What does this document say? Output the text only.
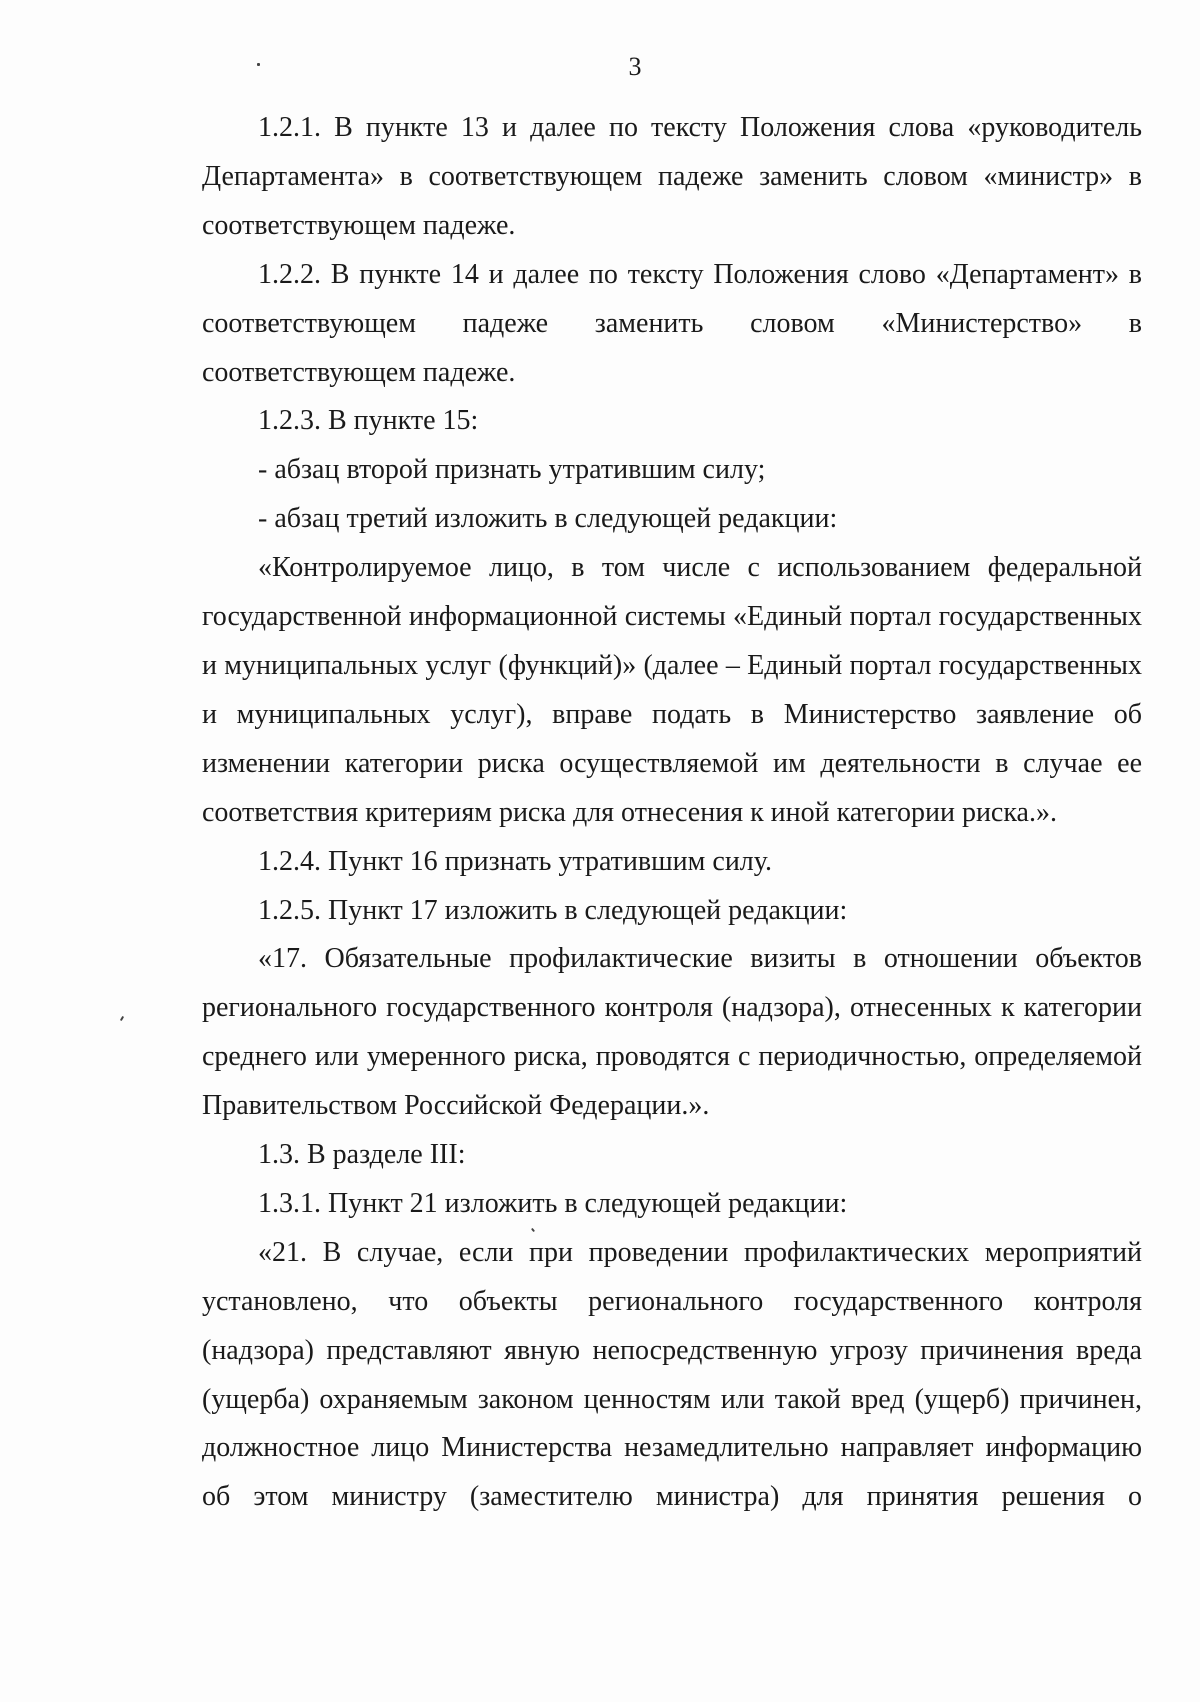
3

1.2.1. В пункте 13 и далее по тексту Положения слова «руководитель Департамента» в соответствующем падеже заменить словом «министр» в соответствующем падеже.

1.2.2. В пункте 14 и далее по тексту Положения слово «Департамент» в соответствующем падеже заменить словом «Министерство» в соответствующем падеже.

1.2.3. В пункте 15:

- абзац второй признать утратившим силу;

- абзац третий изложить в следующей редакции:

«Контролируемое лицо, в том числе с использованием федеральной государственной информационной системы «Единый портал государственных и муниципальных услуг (функций)» (далее – Единый портал государственных и муниципальных услуг), вправе подать в Министерство заявление об изменении категории риска осуществляемой им деятельности в случае ее соответствия критериям риска для отнесения к иной категории риска.».

1.2.4. Пункт 16 признать утратившим силу.

1.2.5. Пункт 17 изложить в следующей редакции:

«17. Обязательные профилактические визиты в отношении объектов регионального государственного контроля (надзора), отнесенных к категории среднего или умеренного риска, проводятся с периодичностью, определяемой Правительством Российской Федерации.».

1.3. В разделе III:

1.3.1. Пункт 21 изложить в следующей редакции:

«21. В случае, если при проведении профилактических мероприятий установлено, что объекты регионального государственного контроля (надзора) представляют явную непосредственную угрозу причинения вреда (ущерба) охраняемым законом ценностям или такой вред (ущерб) причинен, должностное лицо Министерства незамедлительно направляет информацию об этом министру (заместителю министра) для принятия решения о
